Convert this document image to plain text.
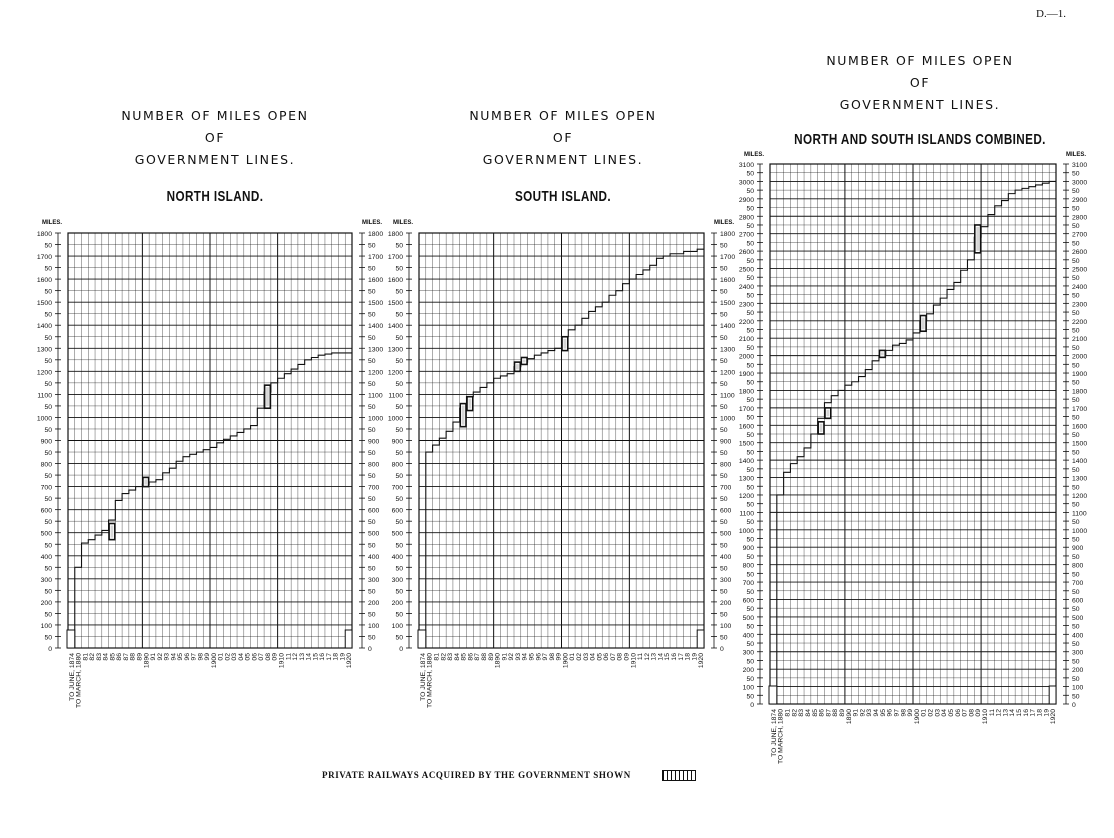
D.—1.
NUMBER OF MILES OPEN
OF
GOVERNMENT LINES.
NORTH ISLAND.
0	0
50	50
100	100
50	50
200	200
50	50
300	300
50	50
400	400
50	50
500	500
50	50
600	600
50	50
700	700
50	50
800	800
50	50
900	900
50	50
1000	1000
50	50
1100	1100
50	50
1200	1200
50	50
1300	1300
50	50
1400	1400
50	50
1500	1500
50	50
1600	1600
50	50
1700	1700
50	50
1800	1800
MILES.	MILES.
TO JUNE, 1874 TO MARCH, 1880 81 82 83 84 85 86 87 88 89 1890 91 92 93 94 95 96 97 98 99 1900 01 02 03 04 05 06 07 08 09 1910 11 12 13 14 15 16 17 18 19 1920
NUMBER OF MILES OPEN
OF
GOVERNMENT LINES.
SOUTH ISLAND.
0	0
50	50
100	100
50	50
200	200
50	50
300	300
50	50
400	400
50	50
500	500
50	50
600	600
50	50
700	700
50	50
800	800
50	50
900	900
50	50
1000	1000
50	50
1100	1100
50	50
1200	1200
50	50
1300	1300
50	50
1400	1400
50	50
1500	1500
50	50
1600	1600
50	50
1700	1700
50	50
1800	1800
MILES.	MILES.
TO JUNE, 1874 TO MARCH, 1880 81 82 83 84 85 86 87 88 89 1890 91 92 93 94 95 96 97 98 99 1900 01 02 03 04 05 06 07 08 09 1910 11 12 13 14 15 16 17 18 19 1920
NUMBER OF MILES OPEN
OF
GOVERNMENT LINES.
NORTH AND SOUTH ISLANDS COMBINED.
0	0
50	50
100	100
50	50
200	200
50	50
300	300
50	50
400	400
50	50
500	500
50	50
600	600
50	50
700	700
50	50
800	800
50	50
900	900
50	50
1000	1000
50	50
1100	1100
50	50
1200	1200
50	50
1300	1300
50	50
1400	1400
50	50
1500	1500
50	50
1600	1600
50	50
1700	1700
50	50
1800	1800
50	50
1900	1900
50	50
2000	2000
50	50
2100	2100
50	50
2200	2200
50	50
2300	2300
50	50
2400	2400
50	50
2500	2500
50	50
2600	2600
50	50
2700	2700
50	50
2800	2800
50	50
2900	2900
50	50
3000	3000
50	50
3100	3100
MILES.	MILES.
TO JUNE, 1874 TO MARCH, 1880 81 82 83 84 85 86 87 88 89 1890 91 92 93 94 95 96 97 98 99 1900 01 02 03 04 05 06 07 08 09 1910 11 12 13 14 15 16 17 18 19 1920
PRIVATE RAILWAYS ACQUIRED BY THE GOVERNMENT SHOWN
